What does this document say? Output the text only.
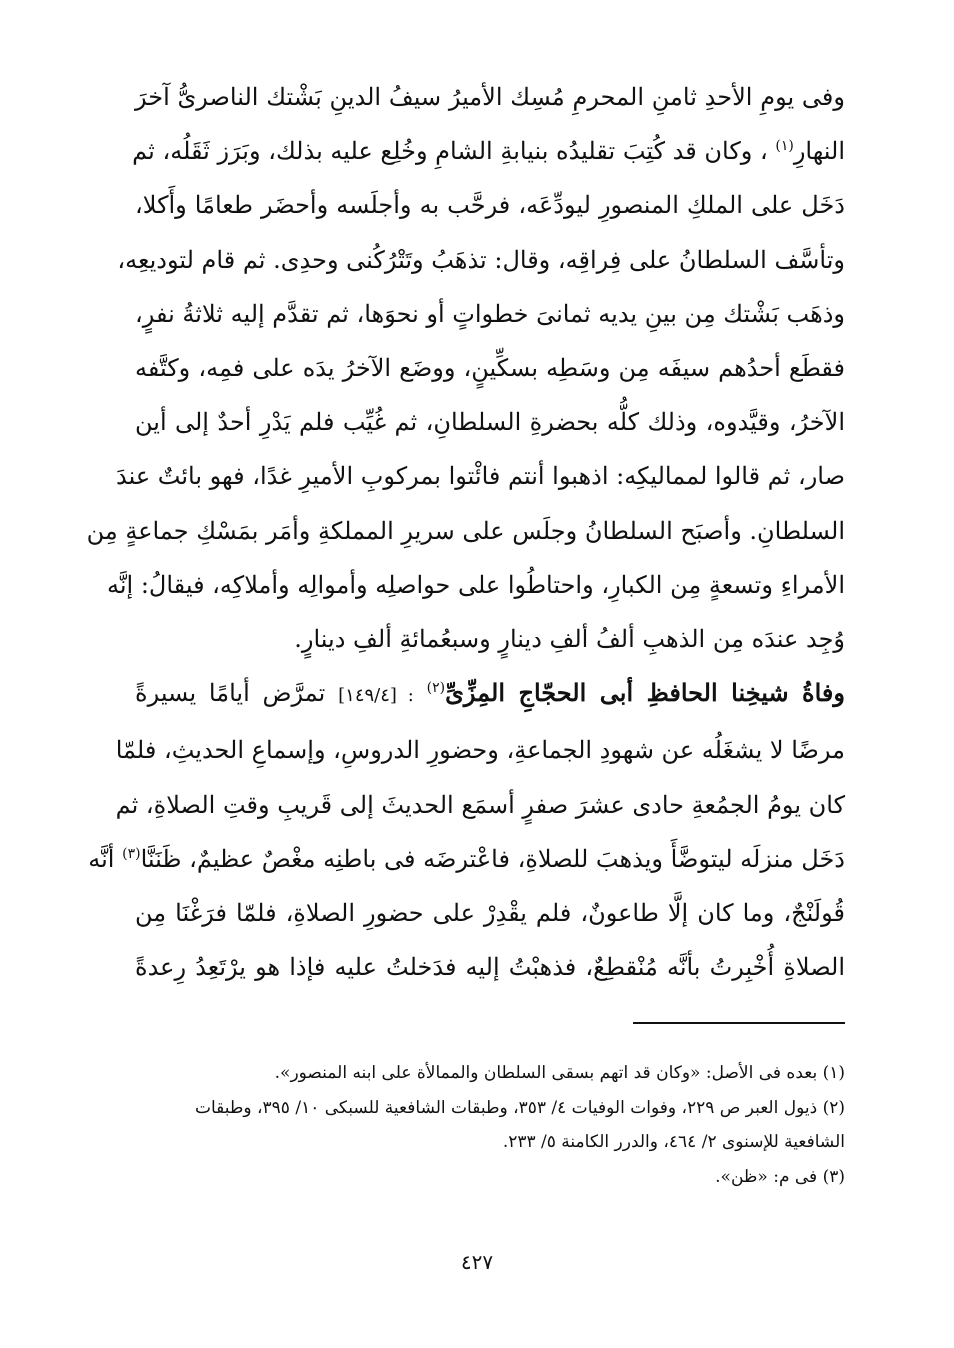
وفى يومِ الأحدِ ثامنِ المحرمِ مُسِك الأميرُ سيفُ الدينِ بَشْتك الناصرىُّ آخرَ
النهارِ$^{(١)}$ ، وكان قد كُتِبَ تقليدُه بنيابةِ الشامِ وخُلِع عليه بذلك، وبَرَز ثَقَلُه، ثم
دَخَل على الملكِ المنصورِ ليودِّعَه، فرحَّب به وأجلَسه وأحضَر طعامًا وأَكلا،
وتأسَّف السلطانُ على فِراقِه، وقال: تذهَبُ وتَتْرُكُنى وحدِى. ثم قام لتوديعِه،
وذهَب بَشْتك مِن بينِ يديه ثمانىَ خطواتٍ أو نحوَها، ثم تقدَّم إليه ثلاثةُ نفرٍ،
فقطَع أحدُهم سيفَه مِن وسَطِه بسكِّينٍ، ووضَع الآخرُ يدَه على فمِه، وكتَّفه
الآخرُ، وقيَّدوه، وذلك كلُّه بحضرةِ السلطانِ، ثم غُيِّب فلم يَدْرِ أحدٌ إلى أين
صار، ثم قالوا لمماليكِه: اذهبوا أنتم فائْتوا بمركوبِ الأميرِ غدًا، فهو بائتٌ عندَ
السلطانِ. وأصبَح السلطانُ وجلَس على سريرِ المملكةِ وأمَر بمَسْكِ جماعةٍ مِن
الأمراءِ وتسعةٍ مِن الكبارِ، واحتاطُوا على حواصلِه وأموالِه وأملاكِه، فيقالُ: إنَّه
وُجِد عندَه مِن الذهبِ ألفُ ألفِ دينارٍ وسبعُمائةِ ألفِ دينارٍ.
وفاةُ شيخِنا الحافظِ أبى الحجّاجِ المِزِّىِّ$^{(٢)}$ : [١٤٩/٤] تمرَّض أيامًا يسيرةً
مرضًا لا يشغَلُه عن شهودِ الجماعةِ، وحضورِ الدروسِ، وإسماعِ الحديثِ، فلمّا
كان يومُ الجمُعةِ حادى عشرَ صفرٍ أسمَع الحديثَ إلى قَريبِ وقتِ الصلاةِ، ثم
دَخَل منزلَه ليتوضَّأَ ويذهبَ للصلاةِ، فاعْترضَه فى باطنِه مغْصٌ عظيمٌ، ظَنَنَّا$^{(٣)}$ أنَّه
قُولَنْجٌ، وما كان إلَّا طاعونٌ، فلم يقْدِرْ على حضورِ الصلاةِ، فلمّا فرَغْنَا مِن
الصلاةِ أُخْبِرتُ بأنَّه مُنْقطِعٌ، فذهبْتُ إليه فدَخلتُ عليه فإذا هو يرْتَعِدُ رِعدةً
(١) بعده فى الأصل: «وكان قد اتهم بسقى السلطان والممالأة على ابنه المنصور».
(٢) ذيول العبر ص ٢٢٩، وفوات الوفيات ٤/ ٣٥٣، وطبقات الشافعية للسبكى ١٠/ ٣٩٥، وطبقات
الشافعية للإسنوى ٢/ ٤٦٤، والدرر الكامنة ٥/ ٢٣٣.
(٣) فى م: «ظن».
٤٢٧
